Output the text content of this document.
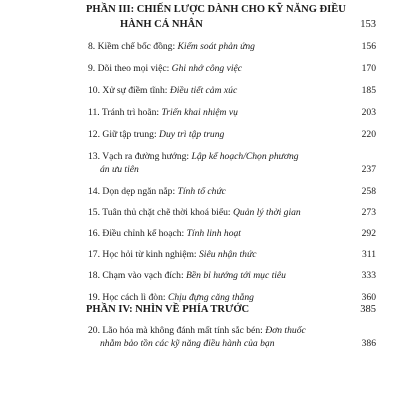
PHẦN III: CHIẾN LƯỢC DÀNH CHO KỸ NĂNG ĐIỀU
HÀNH CÁ NHÂN	153
8. Kiềm chế bốc đồng: Kiểm soát phản ứng	156
9. Dõi theo mọi việc: Ghi nhớ công việc	170
10. Xử sự điềm tĩnh: Điều tiết cảm xúc	185
11. Tránh trì hoãn: Triển khai nhiệm vụ	203
12. Giữ tập trung: Duy trì tập trung	220
13. Vạch ra đường hướng: Lập kế hoạch/Chọn phương
án ưu tiên	237
14. Dọn dẹp ngăn nắp: Tính tổ chức	258
15. Tuân thủ chặt chẽ thời khoá biểu: Quản lý thời gian	273
16. Điều chỉnh kế hoạch: Tính linh hoạt	292
17. Học hỏi từ kinh nghiệm: Siêu nhận thức	311
18. Chạm vào vạch đích: Bền bỉ hướng tới mục tiêu	333
19. Học cách lì đòn: Chịu đựng căng thẳng	360
PHẦN IV: NHÌN VỀ PHÍA TRƯỚC	385
20. Lão hóa mà không đánh mất tính sắc bén: Đơn thuốc
nhằm bảo tồn các kỹ năng điều hành của bạn	386
